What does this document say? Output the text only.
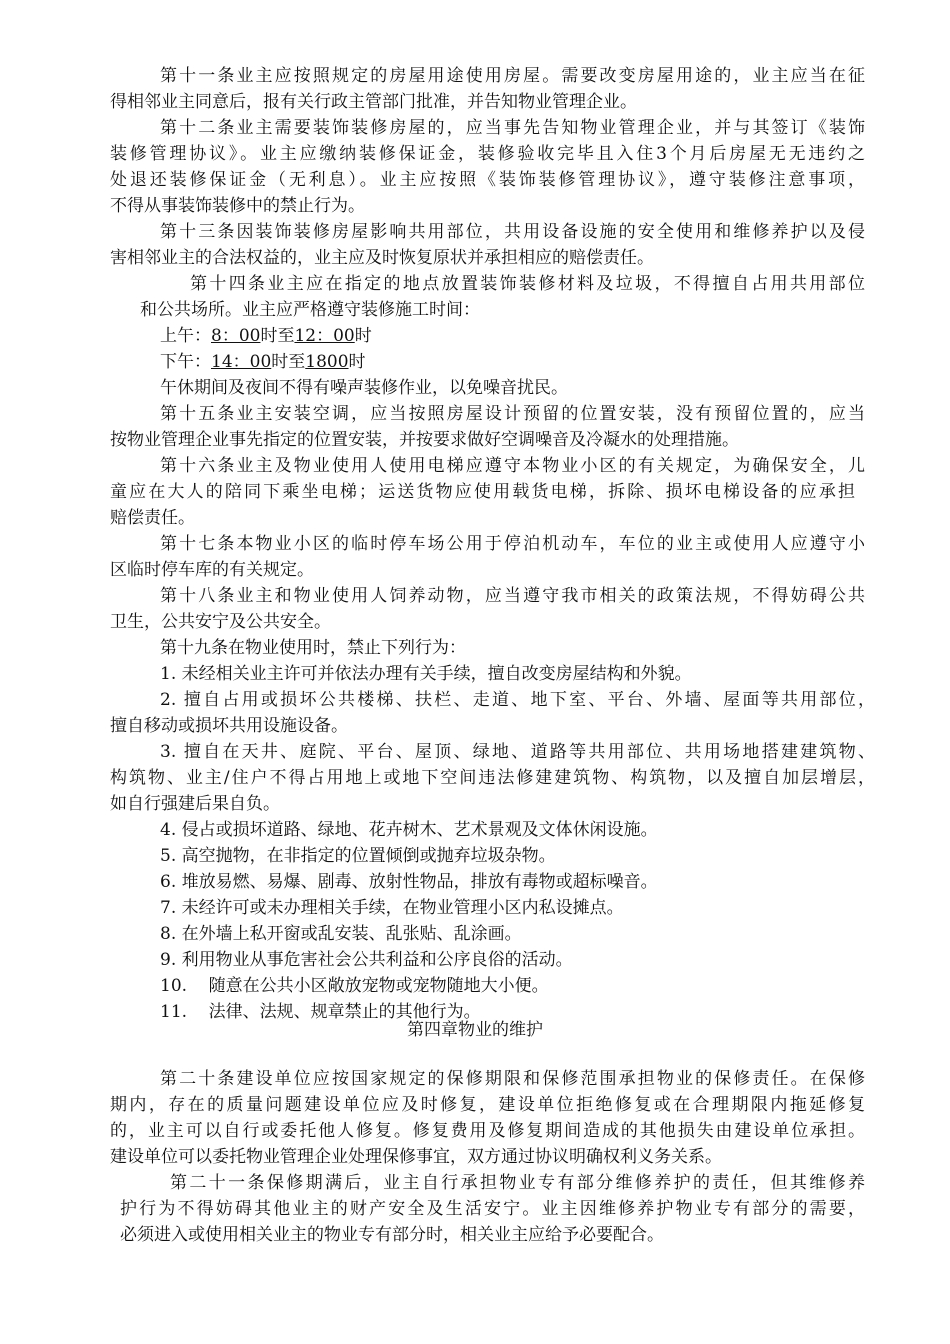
第十一条业主应按照规定的房屋用途使用房屋。需要改变房屋用途的，业主应当在征
得相邻业主同意后，报有关行政主管部门批准，并告知物业管理企业。
第十二条业主需要装饰装修房屋的，应当事先告知物业管理企业，并与其签订《装饰
装修管理协议》。业主应缴纳装修保证金，装修验收完毕且入住3个月后房屋无无违约之
处退还装修保证金（无利息）。业主应按照《装饰装修管理协议》，遵守装修注意事项，
不得从事装饰装修中的禁止行为。
第十三条因装饰装修房屋影响共用部位，共用设备设施的安全使用和维修养护以及侵
害相邻业主的合法权益的，业主应及时恢复原状并承担相应的赔偿责任。
第十四条业主应在指定的地点放置装饰装修材料及垃圾，不得擅自占用共用部位
和公共场所。业主应严格遵守装修施工时间：
上午：8：00时至12：00时
下午：14：00时至1800时
午休期间及夜间不得有噪声装修作业，以免噪音扰民。
第十五条业主安装空调，应当按照房屋设计预留的位置安装，没有预留位置的，应当
按物业管理企业事先指定的位置安装，并按要求做好空调噪音及冷凝水的处理措施。
第十六条业主及物业使用人使用电梯应遵守本物业小区的有关规定，为确保安全，儿
童应在大人的陪同下乘坐电梯；运送货物应使用载货电梯，拆除、损坏电梯设备的应承担
赔偿责任。
第十七条本物业小区的临时停车场公用于停泊机动车，车位的业主或使用人应遵守小
区临时停车库的有关规定。
第十八条业主和物业使用人饲养动物，应当遵守我市相关的政策法规，不得妨碍公共
卫生，公共安宁及公共安全。
第十九条在物业使用时，禁止下列行为：
1. 未经相关业主许可并依法办理有关手续，擅自改变房屋结构和外貌。
2. 擅自占用或损坏公共楼梯、扶栏、走道、地下室、平台、外墙、屋面等共用部位，
擅自移动或损坏共用设施设备。
3. 擅自在天井、庭院、平台、屋顶、绿地、道路等共用部位、共用场地搭建建筑物、
构筑物、业主/住户不得占用地上或地下空间违法修建建筑物、构筑物，以及擅自加层增层，
如自行强建后果自负。
4. 侵占或损坏道路、绿地、花卉树木、艺术景观及文体休闲设施。
5. 高空抛物，在非指定的位置倾倒或抛弃垃圾杂物。
6. 堆放易燃、易爆、剧毒、放射性物品，排放有毒物或超标噪音。
7. 未经许可或未办理相关手续，在物业管理小区内私设摊点。
8. 在外墙上私开窗或乱安装、乱张贴、乱涂画。
9. 利用物业从事危害社会公共利益和公序良俗的活动。
10.    随意在公共小区敞放宠物或宠物随地大小便。
11.    法律、法规、规章禁止的其他行为。
第四章物业的维护
第二十条建设单位应按国家规定的保修期限和保修范围承担物业的保修责任。在保修
期内，存在的质量问题建设单位应及时修复，建设单位拒绝修复或在合理期限内拖延修复
的，业主可以自行或委托他人修复。修复费用及修复期间造成的其他损失由建设单位承担。
建设单位可以委托物业管理企业处理保修事宜，双方通过协议明确权利义务关系。
第二十一条保修期满后，业主自行承担物业专有部分维修养护的责任，但其维修养
护行为不得妨碍其他业主的财产安全及生活安宁。业主因维修养护物业专有部分的需要，
必须进入或使用相关业主的物业专有部分时，相关业主应给予必要配合。
